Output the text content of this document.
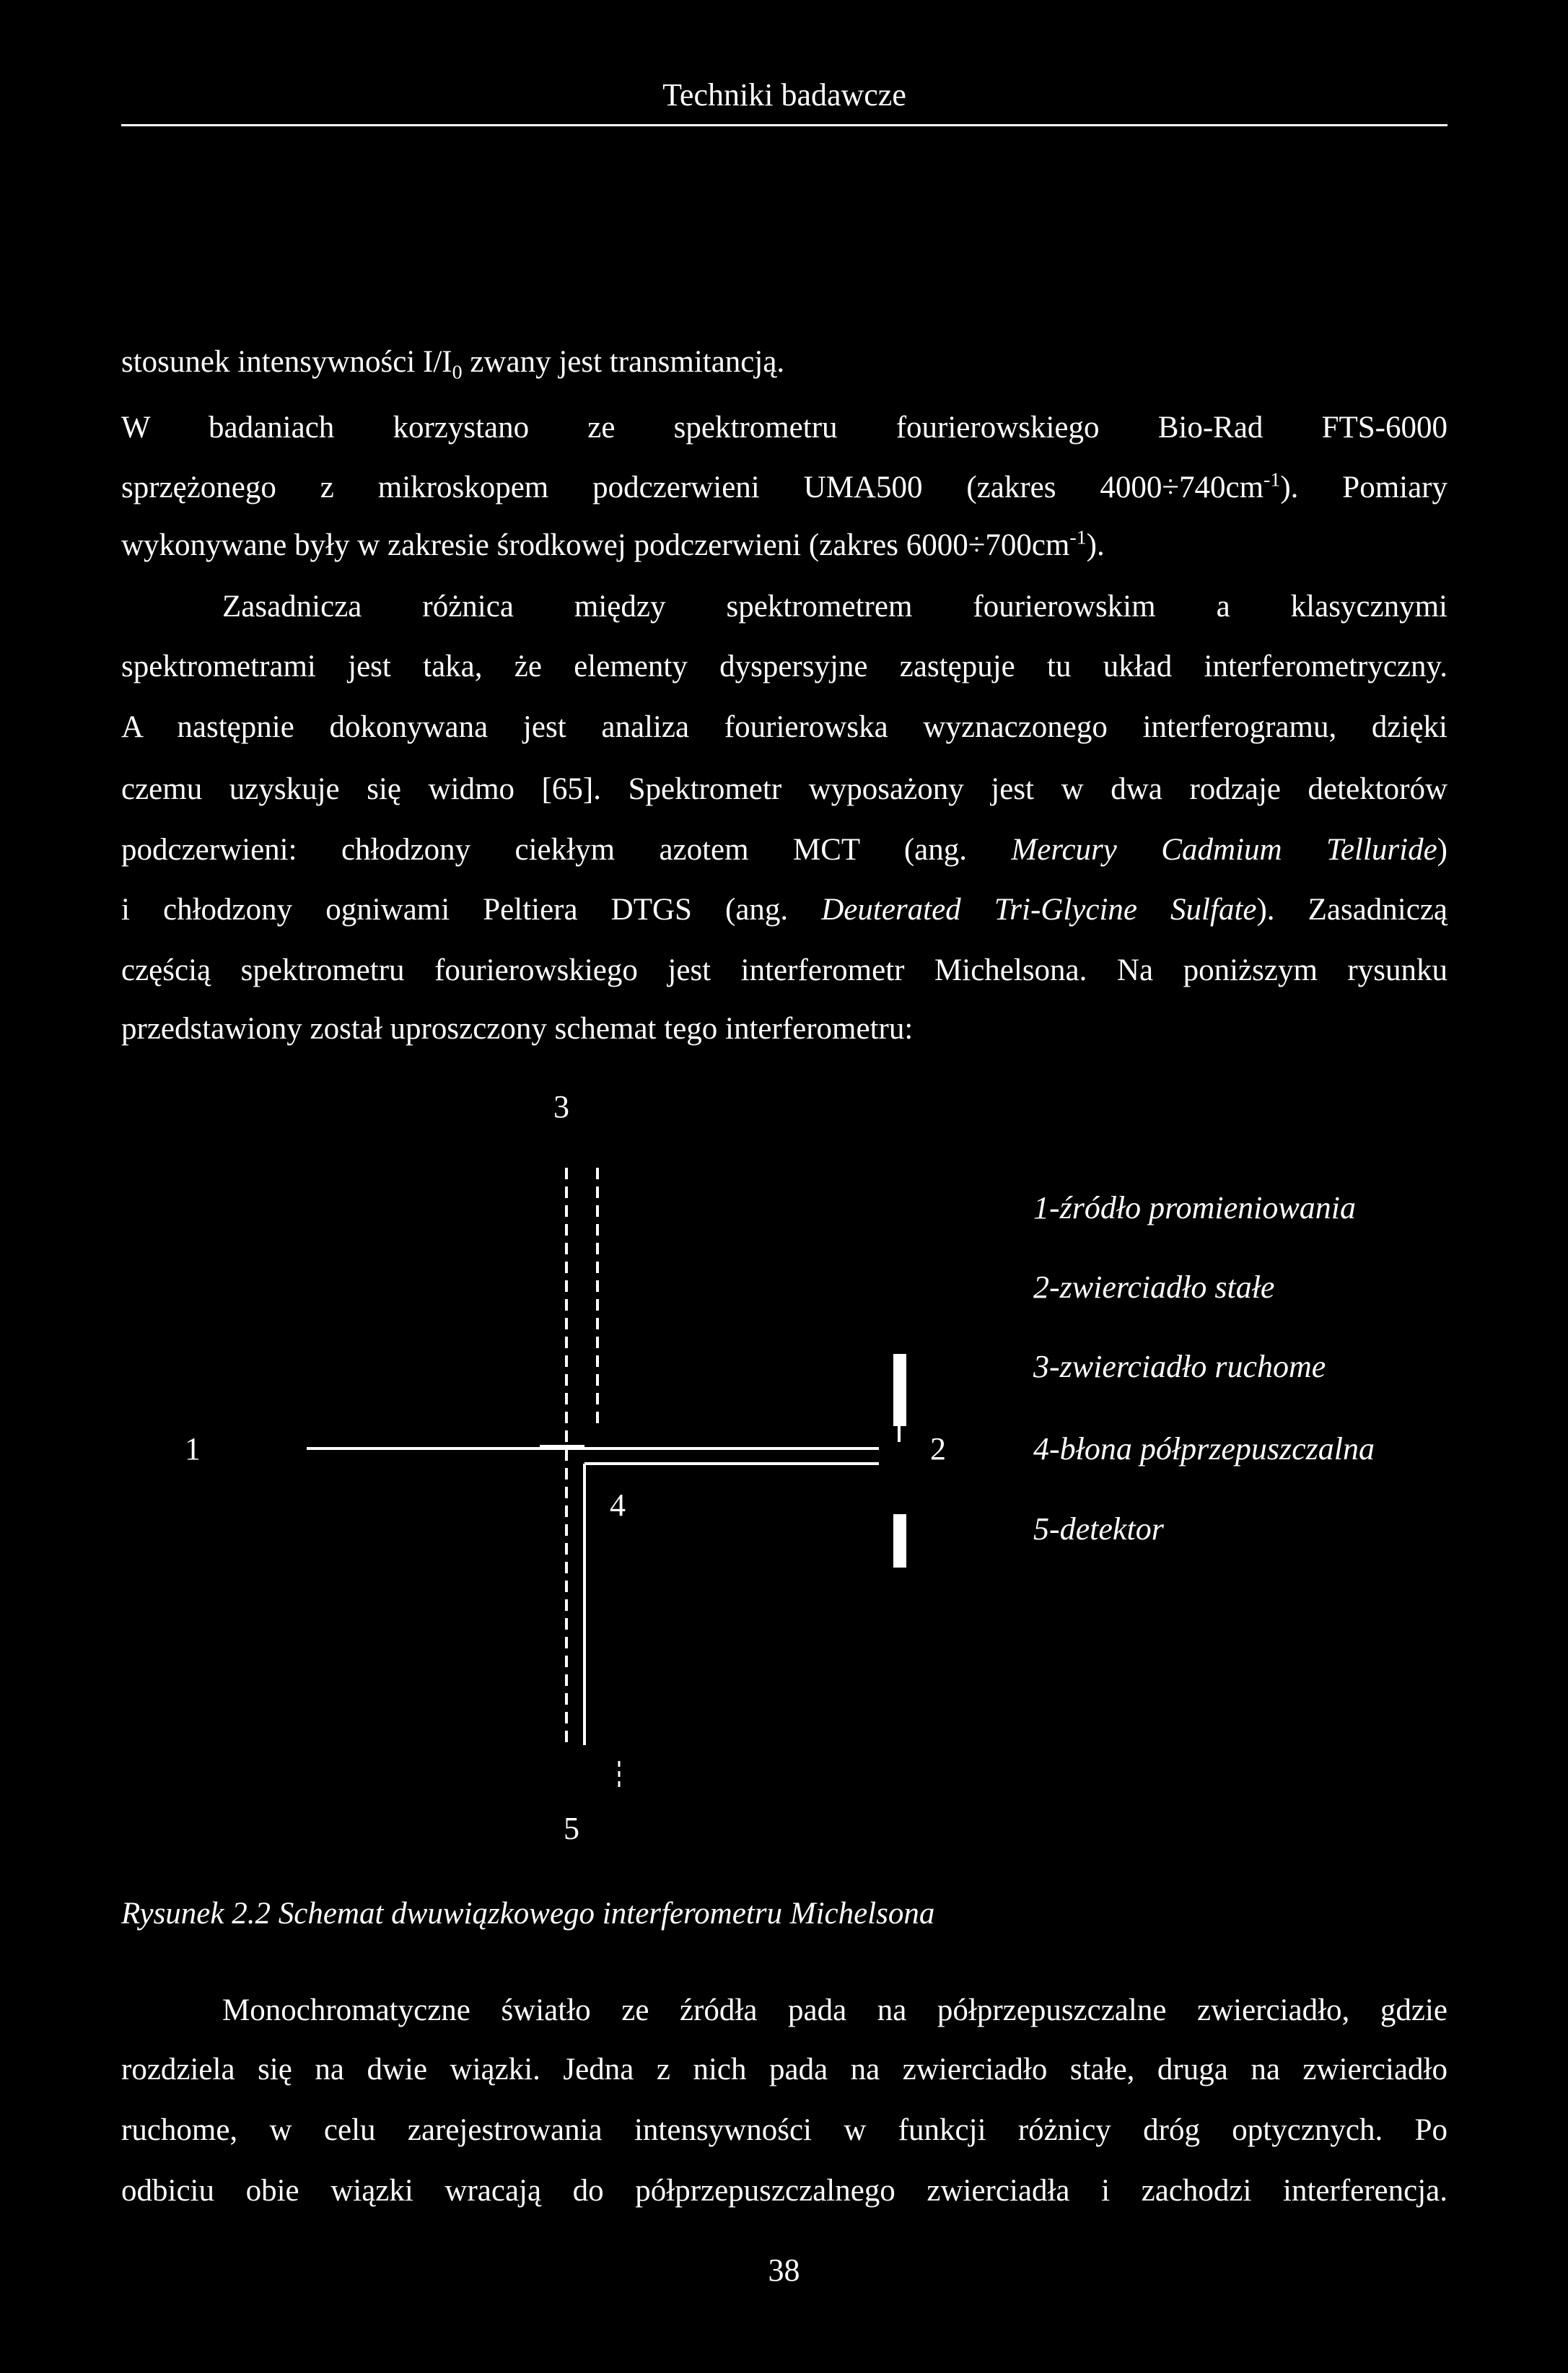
Techniki badawcze
stosunek intensywności $I/I_0$ zwany jest transmitancją.
W badaniach korzystano ze spektrometru fourierowskiego Bio-Rad FTS-6000
sprzężonego z mikroskopem podczerwieni UMA500 (zakres $4000\div 740cm^{-1}$). Pomiary
wykonywane były w zakresie środkowej podczerwieni (zakres $6000\div 700cm^{-1}$).
Zasadnicza różnica między spektrometrem fourierowskim a klasycznymi
spektrometrami jest taka, że elementy dyspersyjne zastępuje tu układ interferometryczny.
A następnie dokonywana jest analiza fourierowska wyznaczonego interferogramu, dzięki
czemu uzyskuje się widmo [65]. Spektrometr wyposażony jest w dwa rodzaje detektorów
podczerwieni: chłodzony ciekłym azotem MCT (ang. Mercury Cadmium Telluride)
i chłodzony ogniwami Peltiera DTGS (ang. Deuterated Tri-Glycine Sulfate). Zasadniczą
częścią spektrometru fourierowskiego jest interferometr Michelsona. Na poniższym rysunku
przedstawiony został uproszczony schemat tego interferometru:
3
1	2
4
5
1-źródło promieniowania
2-zwierciadło stałe
3-zwierciadło ruchome
4-błona półprzepuszczalna
5-detektor
Rysunek 2.2 Schemat dwuwiązkowego interferometru Michelsona
Monochromatyczne światło ze źródła pada na półprzepuszczalne zwierciadło, gdzie
rozdziela się na dwie wiązki. Jedna z nich pada na zwierciadło stałe, druga na zwierciadło
ruchome, w celu zarejestrowania intensywności w funkcji różnicy dróg optycznych. Po
odbiciu obie wiązki wracają do półprzepuszczalnego zwierciadła i zachodzi interferencja.
38
